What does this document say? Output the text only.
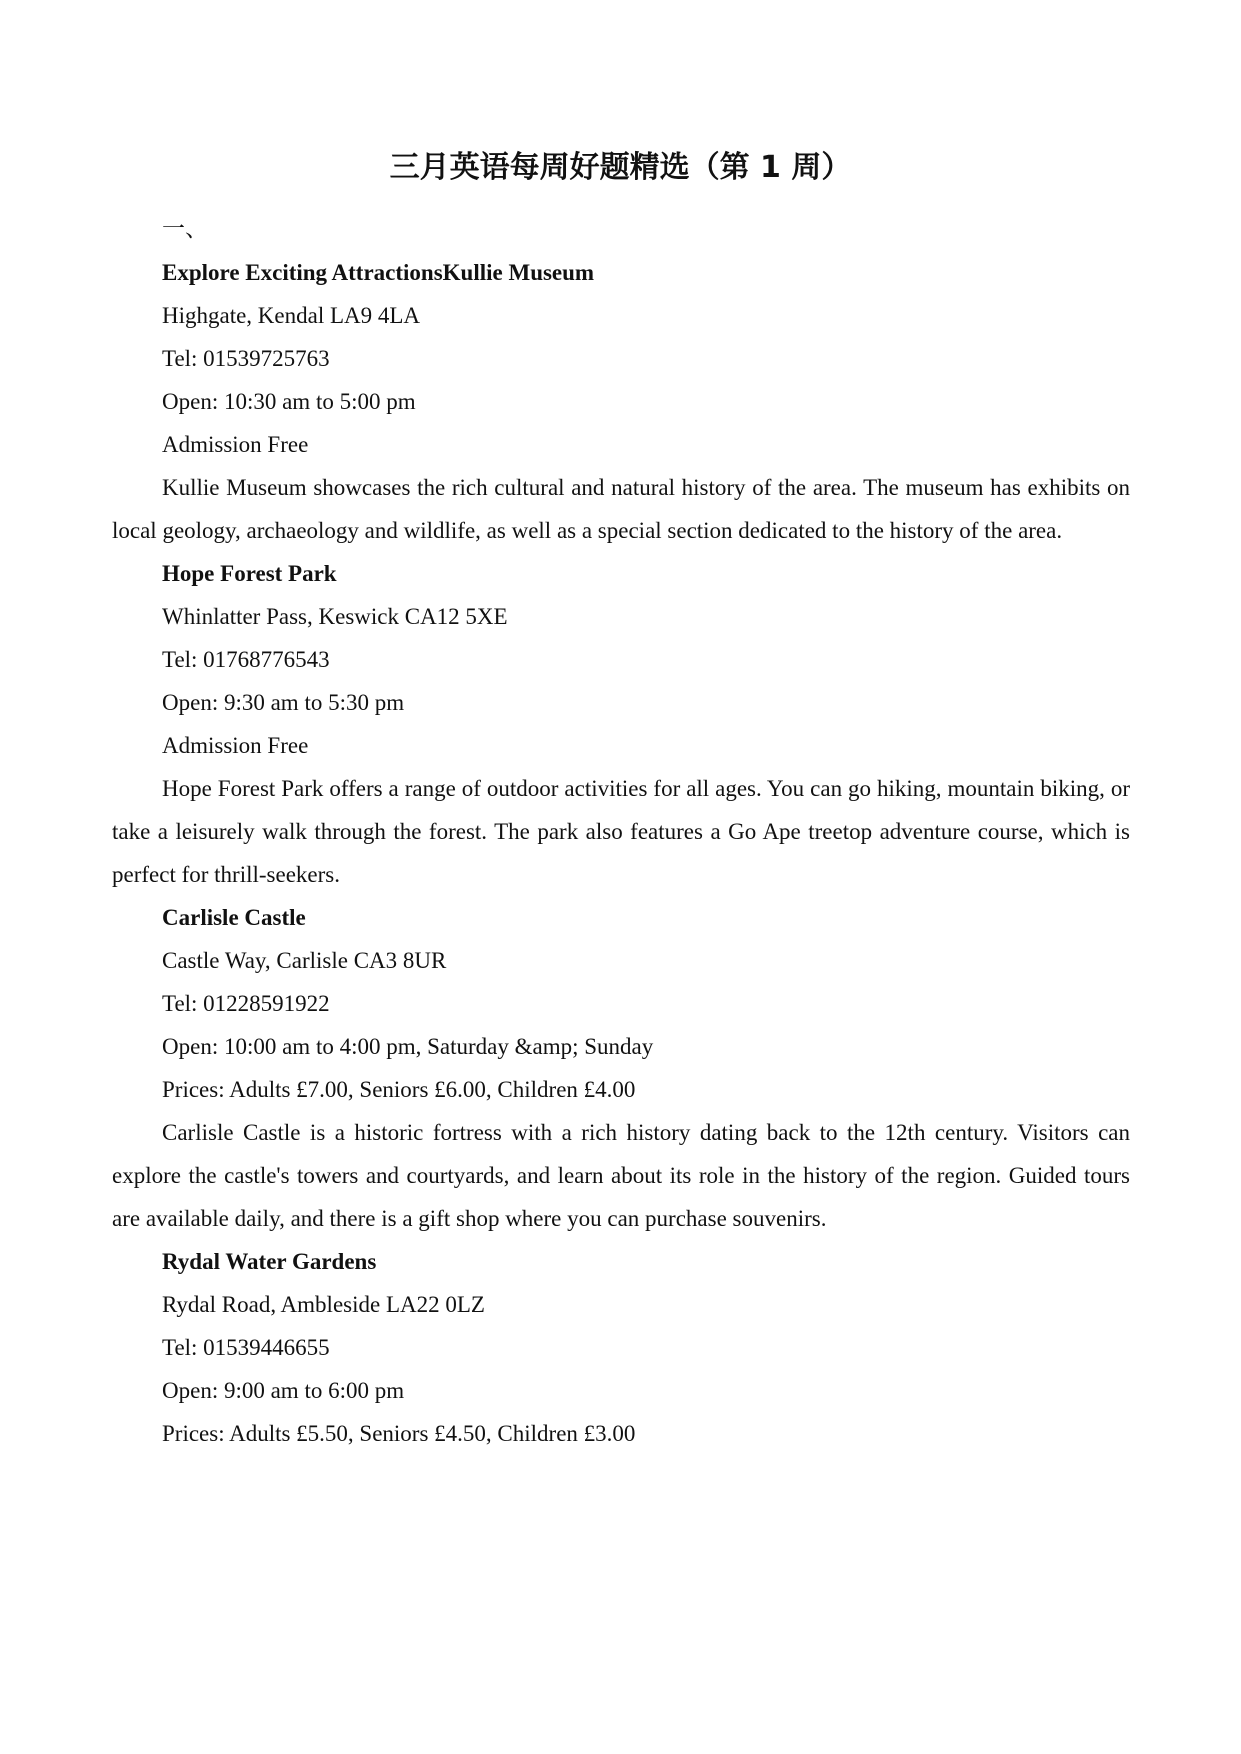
三月英语每周好题精选（第 1 周）

一、

Explore Exciting AttractionsKullie Museum

Highgate, Kendal LA9 4LA

Tel: 01539725763

Open: 10:30 am to 5:00 pm

Admission Free

Kullie Museum showcases the rich cultural and natural history of the area. The museum has exhibits on local geology, archaeology and wildlife, as well as a special section dedicated to the history of the area.

Hope Forest Park

Whinlatter Pass, Keswick CA12 5XE

Tel: 01768776543

Open: 9:30 am to 5:30 pm

Admission Free

Hope Forest Park offers a range of outdoor activities for all ages. You can go hiking, mountain biking, or take a leisurely walk through the forest. The park also features a Go Ape treetop adventure course, which is perfect for thrill-seekers.

Carlisle Castle

Castle Way, Carlisle CA3 8UR

Tel: 01228591922

Open: 10:00 am to 4:00 pm, Saturday &amp; Sunday

Prices: Adults £7.00, Seniors £6.00, Children £4.00

Carlisle Castle is a historic fortress with a rich history dating back to the 12th century. Visitors can explore the castle's towers and courtyards, and learn about its role in the history of the region. Guided tours are available daily, and there is a gift shop where you can purchase souvenirs.

Rydal Water Gardens

Rydal Road, Ambleside LA22 0LZ

Tel: 01539446655

Open: 9:00 am to 6:00 pm

Prices: Adults £5.50, Seniors £4.50, Children £3.00
